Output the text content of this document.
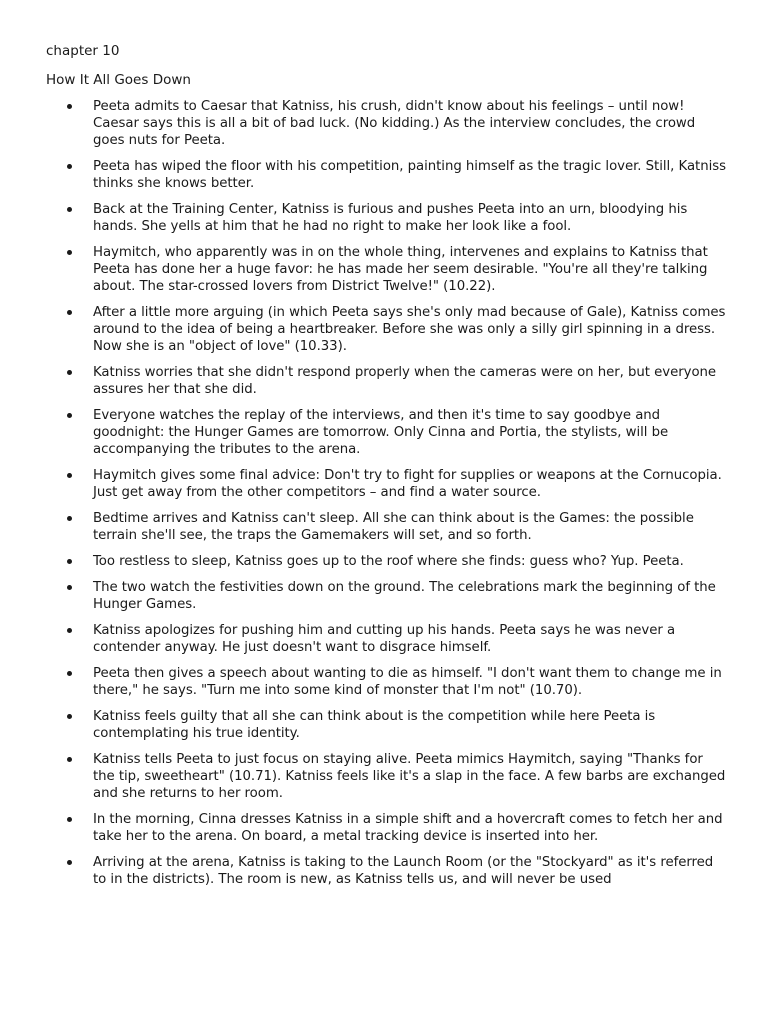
chapter 10
How It All Goes Down
Peeta admits to Caesar that Katniss, his crush, didn't know about his feelings – until now! Caesar says this is all a bit of bad luck. (No kidding.) As the interview concludes, the crowd goes nuts for Peeta.
Peeta has wiped the floor with his competition, painting himself as the tragic lover. Still, Katniss thinks she knows better.
Back at the Training Center, Katniss is furious and pushes Peeta into an urn, bloodying his hands. She yells at him that he had no right to make her look like a fool.
Haymitch, who apparently was in on the whole thing, intervenes and explains to Katniss that Peeta has done her a huge favor: he has made her seem desirable. "You're all they're talking about. The star-crossed lovers from District Twelve!" (10.22).
After a little more arguing (in which Peeta says she's only mad because of Gale), Katniss comes around to the idea of being a heartbreaker. Before she was only a silly girl spinning in a dress. Now she is an "object of love" (10.33).
Katniss worries that she didn't respond properly when the cameras were on her, but everyone assures her that she did.
Everyone watches the replay of the interviews, and then it's time to say goodbye and goodnight: the Hunger Games are tomorrow. Only Cinna and Portia, the stylists, will be accompanying the tributes to the arena.
Haymitch gives some final advice: Don't try to fight for supplies or weapons at the Cornucopia. Just get away from the other competitors – and find a water source.
Bedtime arrives and Katniss can't sleep. All she can think about is the Games: the possible terrain she'll see, the traps the Gamemakers will set, and so forth.
Too restless to sleep, Katniss goes up to the roof where she finds: guess who? Yup. Peeta.
The two watch the festivities down on the ground. The celebrations mark the beginning of the Hunger Games.
Katniss apologizes for pushing him and cutting up his hands. Peeta says he was never a contender anyway. He just doesn't want to disgrace himself.
Peeta then gives a speech about wanting to die as himself. "I don't want them to change me in there," he says. "Turn me into some kind of monster that I'm not" (10.70).
Katniss feels guilty that all she can think about is the competition while here Peeta is contemplating his true identity.
Katniss tells Peeta to just focus on staying alive. Peeta mimics Haymitch, saying "Thanks for the tip, sweetheart" (10.71). Katniss feels like it's a slap in the face. A few barbs are exchanged and she returns to her room.
In the morning, Cinna dresses Katniss in a simple shift and a hovercraft comes to fetch her and take her to the arena. On board, a metal tracking device is inserted into her.
Arriving at the arena, Katniss is taking to the Launch Room (or the "Stockyard" as it's referred to in the districts). The room is new, as Katniss tells us, and will never be used
